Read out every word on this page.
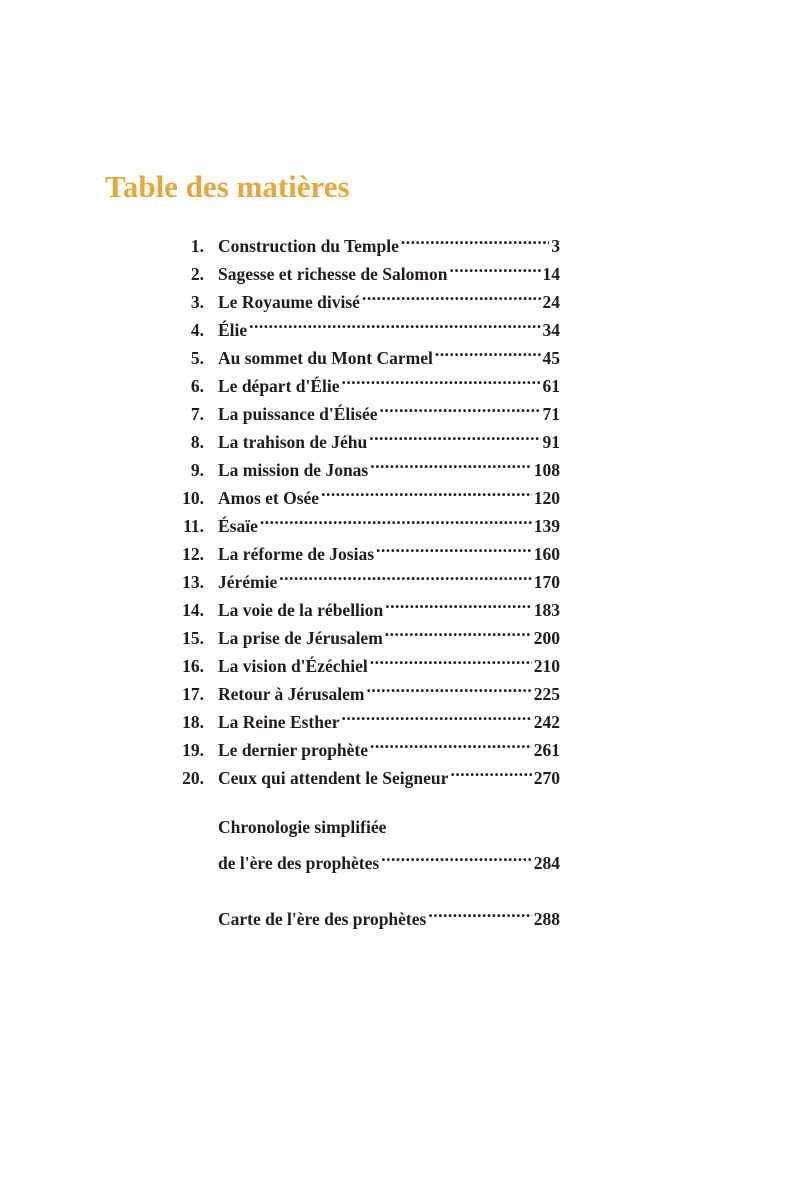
Table des matières
1. Construction du Temple .....	3
2. Sagesse et richesse de Salomon .....	14
3. Le Royaume divisé .....	24
4. Élie .....	34
5. Au sommet du Mont Carmel .....	45
6. Le départ d'Élie .....	61
7. La puissance d'Élisée .....	71
8. La trahison de Jéhu .....	91
9. La mission de Jonas .....	108
10. Amos et Osée .....	120
11. Ésaïe .....	139
12. La réforme de Josias .....	160
13. Jérémie .....	170
14. La voie de la rébellion .....	183
15. La prise de Jérusalem .....	200
16. La vision d'Ézéchiel .....	210
17. Retour à Jérusalem .....	225
18. La Reine Esther .....	242
19. Le dernier prophète .....	261
20. Ceux qui attendent le Seigneur .....	270
Chronologie simplifiée
de l'ère des prophètes .....	284
Carte de l'ère des prophètes .....	288
